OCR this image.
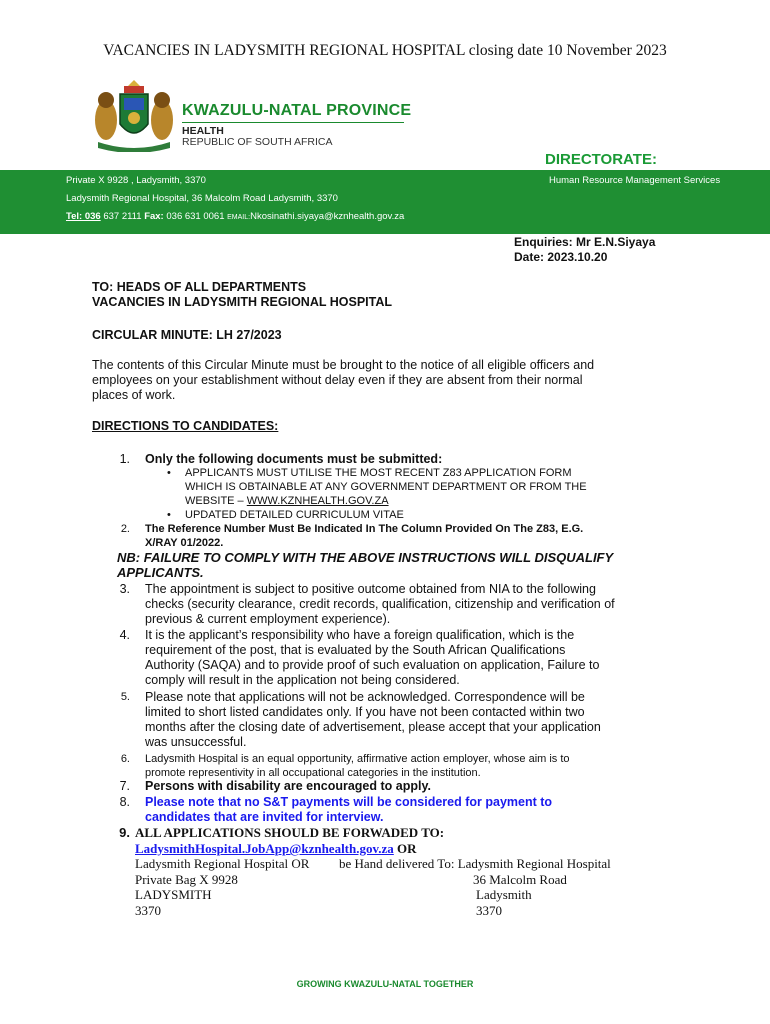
VACANCIES IN LADYSMITH REGIONAL HOSPITAL closing date 10 November 2023
KWAZULU-NATAL PROVINCE
HEALTH
REPUBLIC OF SOUTH AFRICA
DIRECTORATE:
Private X 9928 , Ladysmith, 3370
Ladysmith Regional Hospital, 36 Malcolm Road Ladysmith, 3370
Tel: 036 637 2111 Fax: 036 631 0061 EMAIL:Nkosinathi.siyaya@kznhealth.gov.za
Human Resource Management Services
Enquiries: Mr E.N.Siyaya
Date: 2023.10.20
TO: HEADS OF ALL DEPARTMENTS
VACANCIES IN LADYSMITH REGIONAL HOSPITAL
CIRCULAR MINUTE: LH 27/2023
The contents of this Circular Minute must be brought to the notice of all eligible officers and
employees on your establishment without delay even if they are absent from their normal
places of work.
DIRECTIONS TO CANDIDATES:
1. Only the following documents must be submitted:
• APPLICANTS MUST UTILISE THE MOST RECENT Z83 APPLICATION FORM
WHICH IS OBTAINABLE AT ANY GOVERNMENT DEPARTMENT OR FROM THE
WEBSITE – WWW.KZNHEALTH.GOV.ZA
• UPDATED DETAILED CURRICULUM VITAE
2. The Reference Number Must Be Indicated In The Column Provided On The Z83, E.G.
X/RAY 01/2022.
NB: FAILURE TO COMPLY WITH THE ABOVE INSTRUCTIONS WILL DISQUALIFY
APPLICANTS.
3. The appointment is subject to positive outcome obtained from NIA to the following
checks (security clearance, credit records, qualification, citizenship and verification of
previous & current employment experience).
4. It is the applicant’s responsibility who have a foreign qualification, which is the
requirement of the post, that is evaluated by the South African Qualifications
Authority (SAQA) and to provide proof of such evaluation on application, Failure to
comply will result in the application not being considered.
5. Please note that applications will not be acknowledged. Correspondence will be
limited to short listed candidates only. If you have not been contacted within two
months after the closing date of advertisement, please accept that your application
was unsuccessful.
6. Ladysmith Hospital is an equal opportunity, affirmative action employer, whose aim is to
promote representivity in all occupational categories in the institution.
7. Persons with disability are encouraged to apply.
8. Please note that no S&T payments will be considered for payment to
candidates that are invited for interview.
9. ALL APPLICATIONS SHOULD BE FORWADED TO:
LadysmithHospital.JobApp@kznhealth.gov.za OR
Ladysmith Regional Hospital OR
Private Bag X 9928
LADYSMITH
3370
be Hand delivered To: Ladysmith Regional Hospital
36 Malcolm Road
Ladysmith
3370
GROWING KWAZULU-NATAL TOGETHER
